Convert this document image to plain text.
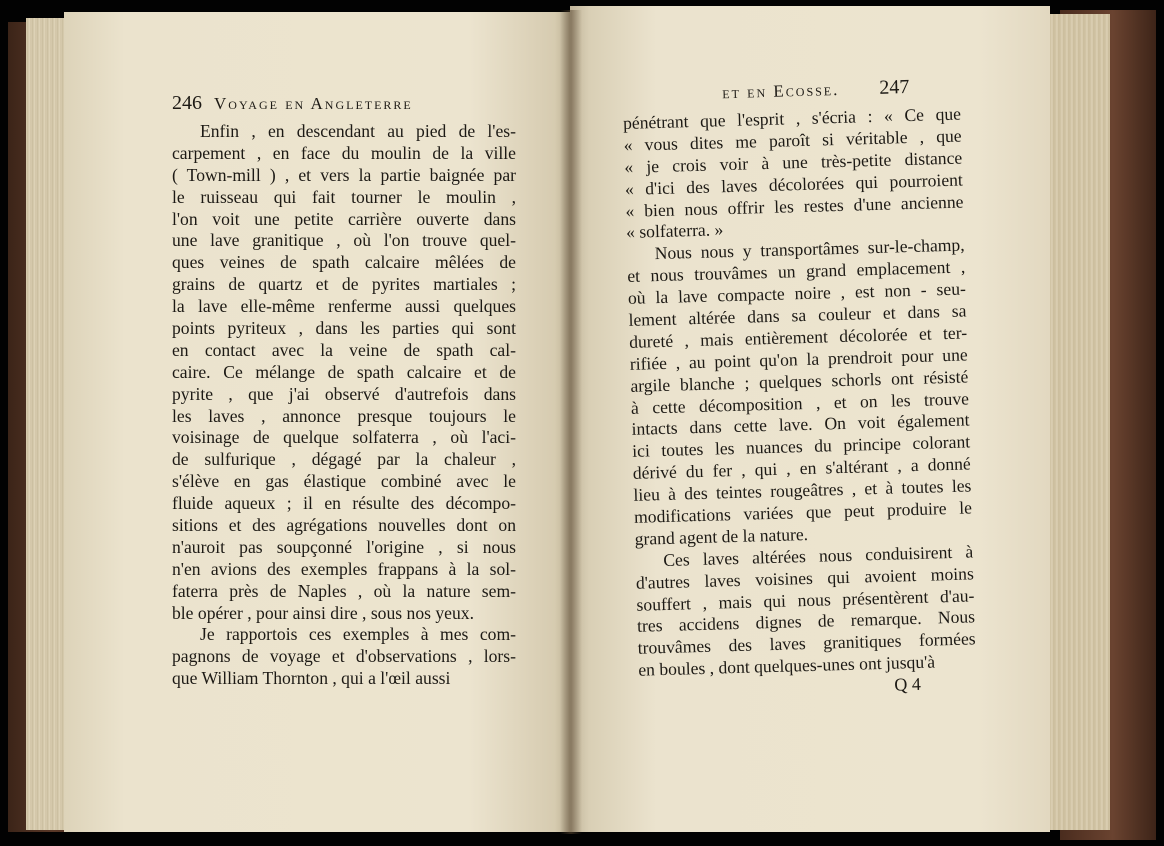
246 Voyage en Angleterre
Enfin , en descendant au pied de l'es-
carpement , en face du moulin de la ville
( Town-mill ) , et vers la partie baignée par
le ruisseau qui fait tourner le moulin ,
l'on voit une petite carrière ouverte dans
une lave granitique , où l'on trouve quel-
ques veines de spath calcaire mêlées de
grains de quartz et de pyrites martiales ;
la lave elle-même renferme aussi quelques
points pyriteux , dans les parties qui sont
en contact avec la veine de spath cal-
caire. Ce mélange de spath calcaire et de
pyrite , que j'ai observé d'autrefois dans
les laves , annonce presque toujours le
voisinage de quelque solfaterra , où l'aci-
de sulfurique , dégagé par la chaleur ,
s'élève en gas élastique combiné avec le
fluide aqueux ; il en résulte des décompo-
sitions et des agrégations nouvelles dont on
n'auroit pas soupçonné l'origine , si nous
n'en avions des exemples frappans à la sol-
faterra près de Naples , où la nature sem-
ble opérer , pour ainsi dire , sous nos yeux.
Je rapportois ces exemples à mes com-
pagnons de voyage et d'observations , lors-
que William Thornton , qui a l'œil aussi
et en Ecosse. 247
pénétrant que l'esprit , s'écria : « Ce que
« vous dites me paroît si véritable , que
« je crois voir à une très-petite distance
« d'ici des laves décolorées qui pourroient
« bien nous offrir les restes d'une ancienne
« solfaterra. »
Nous nous y transportâmes sur-le-champ,
et nous trouvâmes un grand emplacement ,
où la lave compacte noire , est non - seu-
lement altérée dans sa couleur et dans sa
dureté , mais entièrement décolorée et ter-
rifiée , au point qu'on la prendroit pour une
argile blanche ; quelques schorls ont résisté
à cette décomposition , et on les trouve
intacts dans cette lave. On voit également
ici toutes les nuances du principe colorant
dérivé du fer , qui , en s'altérant , a donné
lieu à des teintes rougeâtres , et à toutes les
modifications variées que peut produire le
grand agent de la nature.
Ces laves altérées nous conduisirent à
d'autres laves voisines qui avoient moins
souffert , mais qui nous présentèrent d'au-
tres accidens dignes de remarque. Nous
trouvâmes des laves granitiques formées
en boules , dont quelques-unes ont jusqu'à
Q 4
